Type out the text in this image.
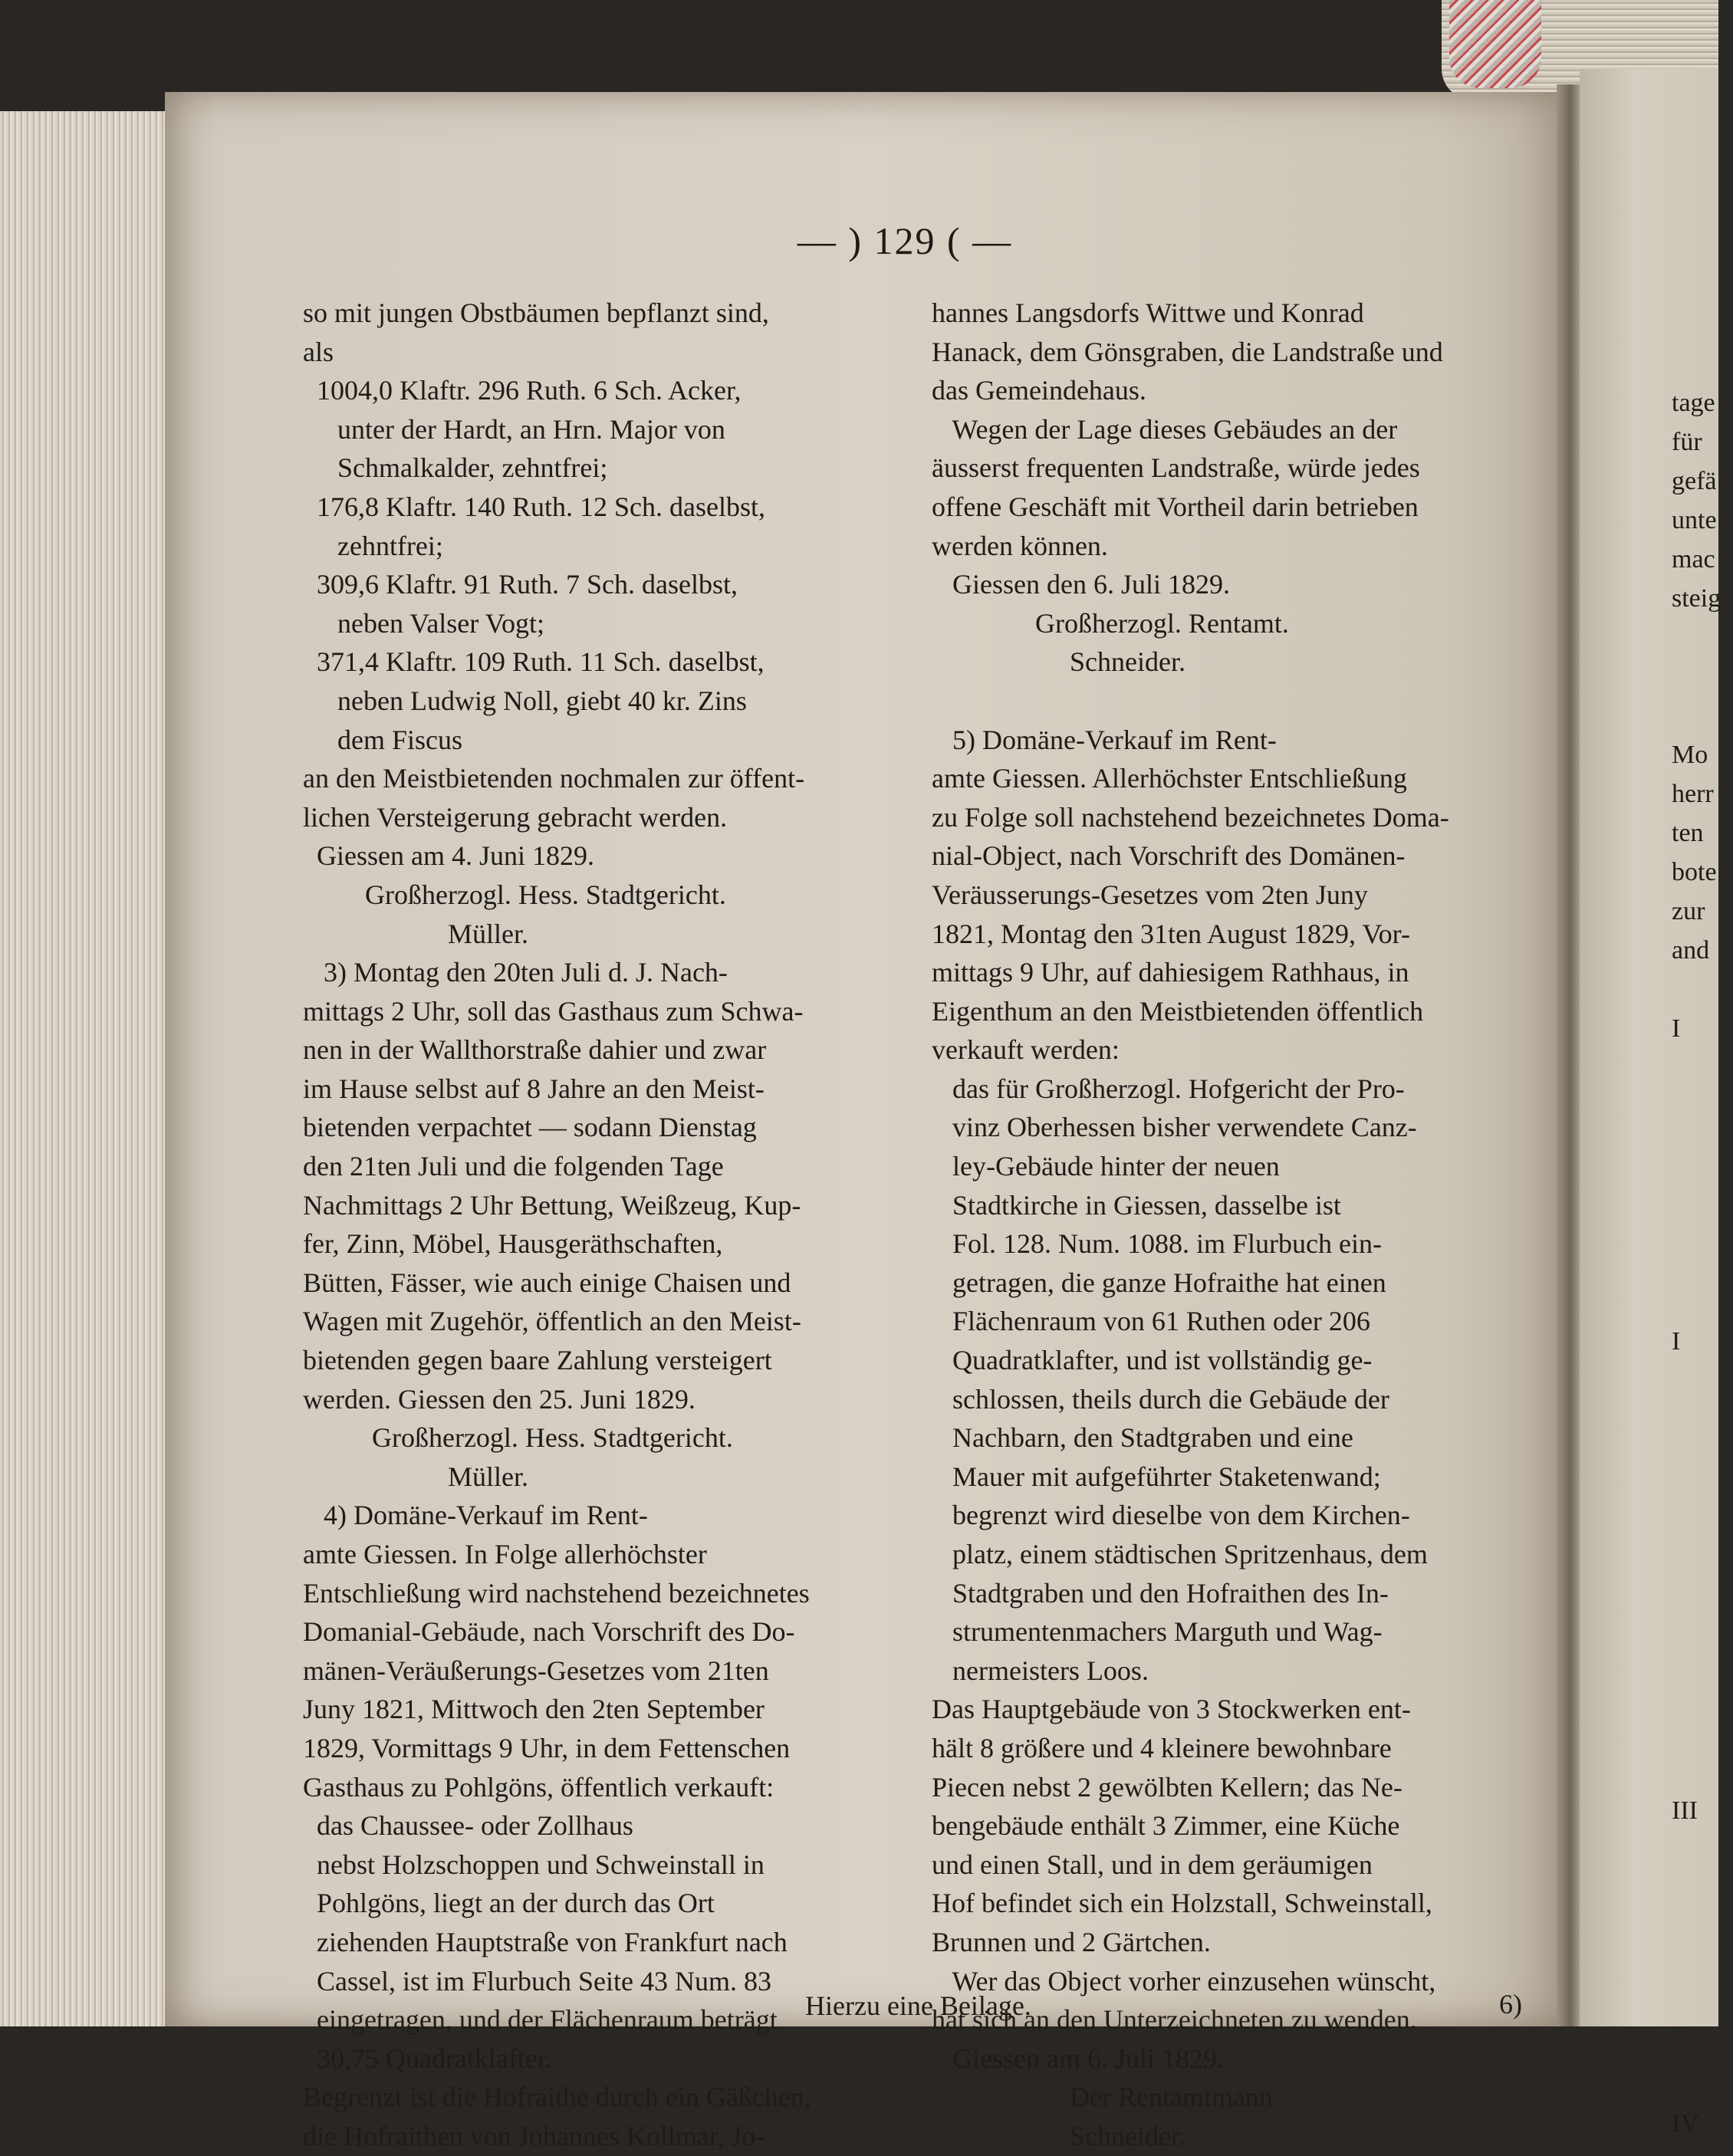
— ) 129 ( —
so mit jungen Obstbäumen bepflanzt sind,
als
1004,0 Klaftr. 296 Ruth. 6 Sch. Acker,
unter der Hardt, an Hrn. Major von
Schmalkalder, zehntfrei;
176,8 Klaftr. 140 Ruth. 12 Sch. daselbst,
zehntfrei;
309,6 Klaftr. 91 Ruth. 7 Sch. daselbst,
neben Valser Vogt;
371,4 Klaftr. 109 Ruth. 11 Sch. daselbst,
neben Ludwig Noll, giebt 40 kr. Zins
dem Fiscus
an den Meistbietenden nochmalen zur öffent-
lichen Versteigerung gebracht werden.
Giessen am 4. Juni 1829.
Großherzogl. Hess. Stadtgericht.
Müller.
3) Montag den 20ten Juli d. J. Nach-
mittags 2 Uhr, soll das Gasthaus zum Schwa-
nen in der Wallthorstraße dahier und zwar
im Hause selbst auf 8 Jahre an den Meist-
bietenden verpachtet — sodann Dienstag
den 21ten Juli und die folgenden Tage
Nachmittags 2 Uhr Bettung, Weißzeug, Kup-
fer, Zinn, Möbel, Hausgeräthschaften,
Bütten, Fässer, wie auch einige Chaisen und
Wagen mit Zugehör, öffentlich an den Meist-
bietenden gegen baare Zahlung versteigert
werden. Giessen den 25. Juni 1829.
Großherzogl. Hess. Stadtgericht.
Müller.
4) Domäne-Verkauf im Rent-
amte Giessen. In Folge allerhöchster
Entschließung wird nachstehend bezeichnetes
Domanial-Gebäude, nach Vorschrift des Do-
mänen-Veräußerungs-Gesetzes vom 21ten
Juny 1821, Mittwoch den 2ten September
1829, Vormittags 9 Uhr, in dem Fettenschen
Gasthaus zu Pohlgöns, öffentlich verkauft:
das Chaussee- oder Zollhaus
nebst Holzschoppen und Schweinstall in
Pohlgöns, liegt an der durch das Ort
ziehenden Hauptstraße von Frankfurt nach
Cassel, ist im Flurbuch Seite 43 Num. 83
eingetragen, und der Flächenraum beträgt
30,75 Quadratklafter.
Begrenzt ist die Hofraithe durch ein Gäßchen,
die Hofraithen von Johannes Kollmar, Jo-
hannes Langsdorfs Wittwe und Konrad
Hanack, dem Gönsgraben, die Landstraße und
das Gemeindehaus.
Wegen der Lage dieses Gebäudes an der
äusserst frequenten Landstraße, würde jedes
offene Geschäft mit Vortheil darin betrieben
werden können.
Giessen den 6. Juli 1829.
Großherzogl. Rentamt.
Schneider.
5) Domäne-Verkauf im Rent-
amte Giessen. Allerhöchster Entschließung
zu Folge soll nachstehend bezeichnetes Doma-
nial-Object, nach Vorschrift des Domänen-
Veräusserungs-Gesetzes vom 2ten Juny
1821, Montag den 31ten August 1829, Vor-
mittags 9 Uhr, auf dahiesigem Rathhaus, in
Eigenthum an den Meistbietenden öffentlich
verkauft werden:
das für Großherzogl. Hofgericht der Pro-
vinz Oberhessen bisher verwendete Canz-
ley-Gebäude hinter der neuen
Stadtkirche in Giessen, dasselbe ist
Fol. 128. Num. 1088. im Flurbuch ein-
getragen, die ganze Hofraithe hat einen
Flächenraum von 61 Ruthen oder 206
Quadratklafter, und ist vollständig ge-
schlossen, theils durch die Gebäude der
Nachbarn, den Stadtgraben und eine
Mauer mit aufgeführter Staketenwand;
begrenzt wird dieselbe von dem Kirchen-
platz, einem städtischen Spritzenhaus, dem
Stadtgraben und den Hofraithen des In-
strumentenmachers Marguth und Wag-
nermeisters Loos.
Das Hauptgebäude von 3 Stockwerken ent-
hält 8 größere und 4 kleinere bewohnbare
Piecen nebst 2 gewölbten Kellern; das Ne-
bengebäude enthält 3 Zimmer, eine Küche
und einen Stall, und in dem geräumigen
Hof befindet sich ein Holzstall, Schweinstall,
Brunnen und 2 Gärtchen.
Wer das Object vorher einzusehen wünscht,
hat sich an den Unterzeichneten zu wenden.
Giessen am 6. Juli 1829.
Der Rentamtmann
Schneider.
tage
für
gefä
unte
mac
steig
Mo
herr
ten
bote
zur
and
I
I
III
IV
Hierzu eine Beilage.	6)
